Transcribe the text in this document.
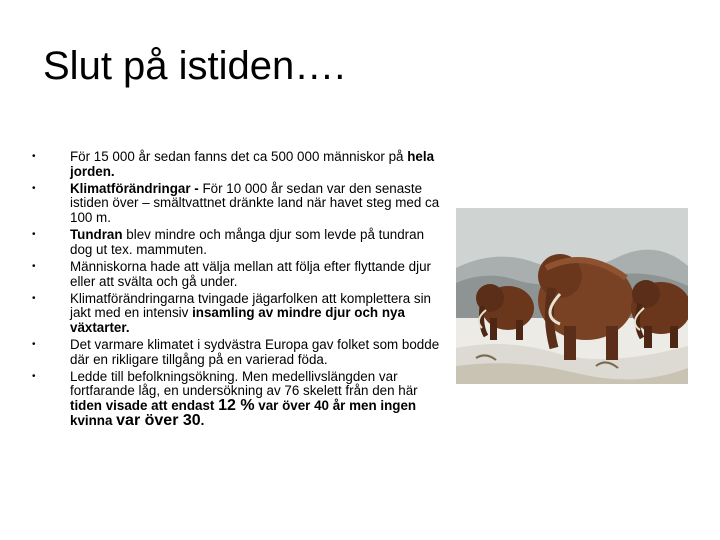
Slut på istiden….
•	För 15 000 år sedan fanns det ca 500 000 människor på hela jorden.
•	Klimatförändringar - För 10 000 år sedan var den senaste istiden över – smältvattnet dränkte land när havet steg med ca 100 m.
•	Tundran blev mindre och många djur som levde på tundran dog ut tex. mammuten.
•	Människorna hade att välja mellan att följa efter flyttande djur eller att svälta och gå under.
•	Klimatförändringarna tvingade jägarfolken att komplettera sin jakt med en intensiv insamling av mindre djur och nya växtarter.
•	Det varmare klimatet i sydvästra Europa gav folket som bodde där en rikligare tillgång på en varierad föda.
•	Ledde till befolkningsökning. Men medellivslängden var fortfarande låg, en undersökning av 76 skelett från den här tiden visade att endast 12 % var över 40 år men ingen kvinna var över 30.
